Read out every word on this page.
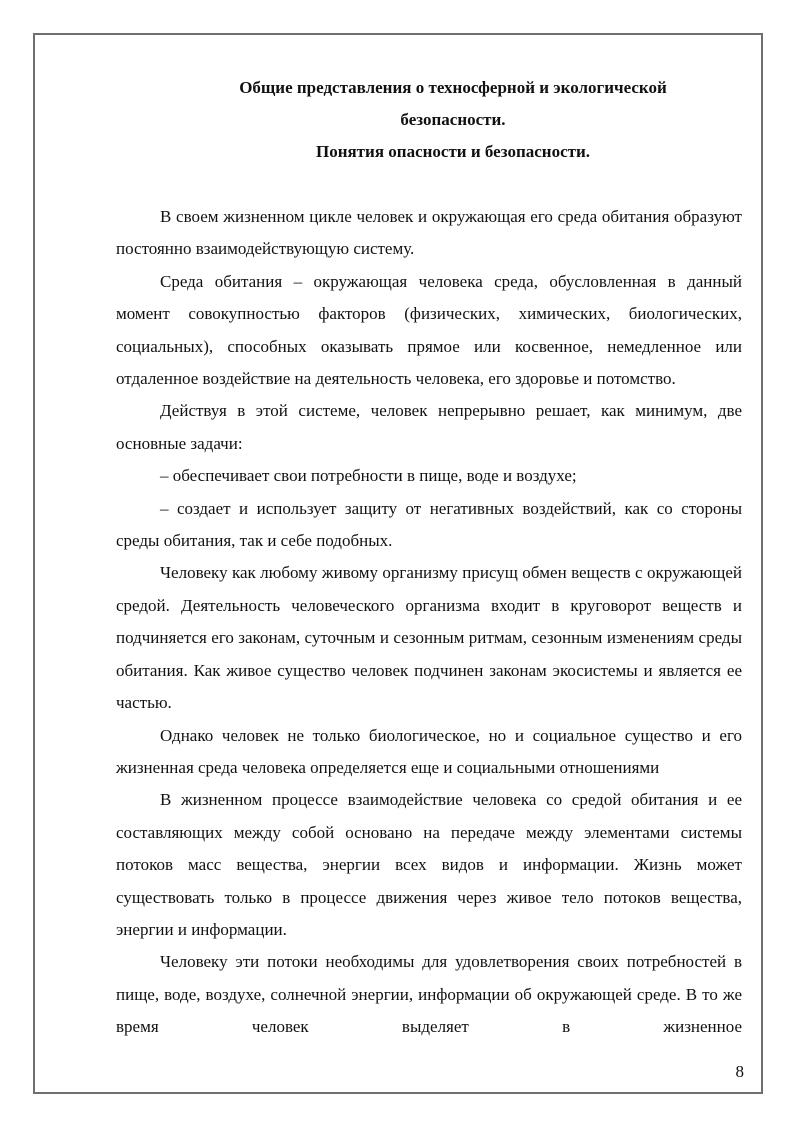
Общие представления о техносферной и экологической
безопасности.
Понятия опасности и безопасности.

В своем жизненном цикле человек и окружающая его среда обитания образуют постоянно взаимодействующую систему.

Среда обитания – окружающая человека среда, обусловленная в данный момент совокупностью факторов (физических, химических, биологических, социальных), способных оказывать прямое или косвенное, немедленное или отдаленное воздействие на деятельность человека, его здоровье и потомство.

Действуя в этой системе, человек непрерывно решает, как минимум, две основные задачи:

– обеспечивает свои потребности в пище, воде и воздухе;

– создает и использует защиту от негативных воздействий, как со стороны среды обитания, так и себе подобных.

Человеку как любому живому организму присущ обмен веществ с окружающей средой. Деятельность человеческого организма входит в круговорот веществ и подчиняется его законам, суточным и сезонным ритмам, сезонным изменениям среды обитания. Как живое существо человек подчинен законам экосистемы и является ее частью.

Однако человек не только биологическое, но и социальное существо и его жизненная среда человека определяется еще и социальными отношениями

В жизненном процессе взаимодействие человека со средой обитания и ее составляющих между собой основано на передаче между элементами системы потоков масс вещества, энергии всех видов и информации. Жизнь может существовать только в процессе движения через живое тело потоков вещества, энергии и информации.

Человеку эти потоки необходимы для удовлетворения своих потребностей в пище, воде, воздухе, солнечной энергии, информации об окружающей среде. В то же время человек выделяет в жизненное

8
